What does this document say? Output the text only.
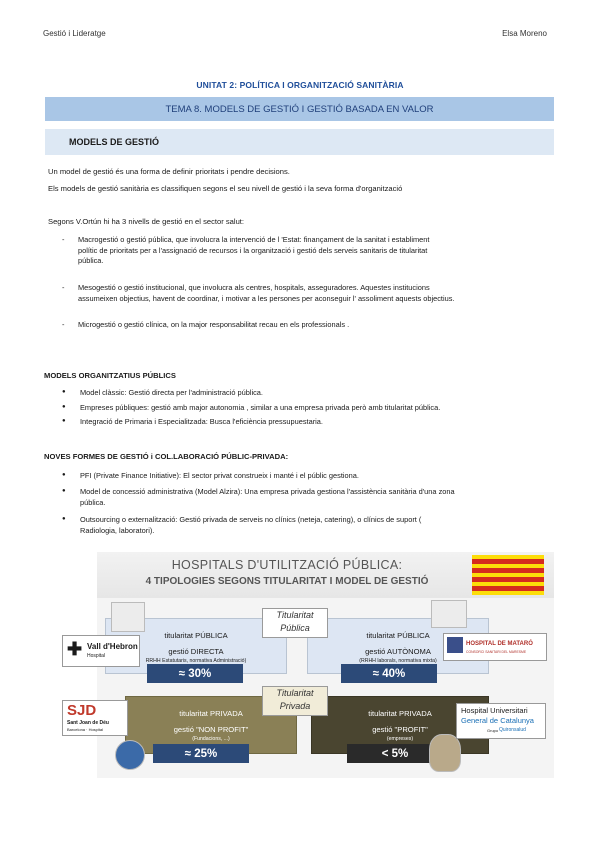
Gestió i Lideratge	Elsa Moreno
UNITAT 2: POLÍTICA I ORGANITZACIÓ SANITÀRIA
TEMA 8. MODELS DE GESTIÓ I GESTIÓ BASADA EN VALOR
MODELS DE GESTIÓ
Un model de gestió és una forma de definir prioritats i pendre decisions.
Els models de gestió sanitària es classifiquen segons el seu nivell de gestió i la seva forma d'organització
Segons V.Ortún hi ha 3 nivells de gestió en el sector salut:
- Macrogestió o gestió pública, que involucra la intervenció de l 'Estat: finançament de la sanitat i establiment
polític de prioritats per a l'assignació de recursos i la organització i gestió dels serveis sanitaris de titularitat
pública.
- Mesogestió o gestió institucional, que involucra als centres, hospitals, asseguradores. Aquestes institucions
assumeixen objectius, havent de coordinar, i motivar a les persones per aconseguir l' assoliment aquests objectius.
- Microgestió o gestió clínica, on la major responsabilitat recau en els professionals .
MODELS ORGANITZATIUS PÚBLICS
● Model clàssic: Gestió directa per l'administració pública.
● Empreses públiques: gestió amb major autonomia , similar a una empresa privada però amb titularitat pública.
● Integració de Primaria i Especialitzada: Busca l'eficiència pressupuestaria.
NOVES FORMES DE GESTIÓ i COL.LABORACIÓ PÚBLIC-PRIVADA:
● PFI (Private Finance Initiative): El sector privat construeix i manté i el públic gestiona.
● Model de concessió administrativa (Model Alzira): Una empresa privada gestiona l'assistència sanitària d'una zona
pública.
● Outsourcing o externalització: Gestió privada de serveis no clínics (neteja, catering), o clínics de suport (
Radiologia, laboratori).
HOSPITALS D'UTILITZACIÓ PÚBLICA:
4 TIPOLOGIES SEGONS TITULARITAT I MODEL DE GESTIÓ
titularitat PÚBLICA
gestió DIRECTA
RRHH Estatutaris, normativa Administració)
titularitat PÚBLICA
gestió AUTÒNOMA
(RRHH laborals, normativa mixta)
Titularitat
Pública
≈ 30%	≈ 40%
titularitat PRIVADA
gestió "NON PROFIT"
(Fundacions, ...)
titularitat PRIVADA
gestió "PROFIT"
(empreses)
Titularitat
Privada
≈ 25%	< 5%
✚ Vall d'Hebron
Hospital
HOSPITAL DE MATARÓ
CONSORCI SANITARI DEL MARESME
SJD
Sant Joan de Déu
Barcelona · Hospital
Hospital Universitari
General de Catalunya
Grupo Quironsalud
